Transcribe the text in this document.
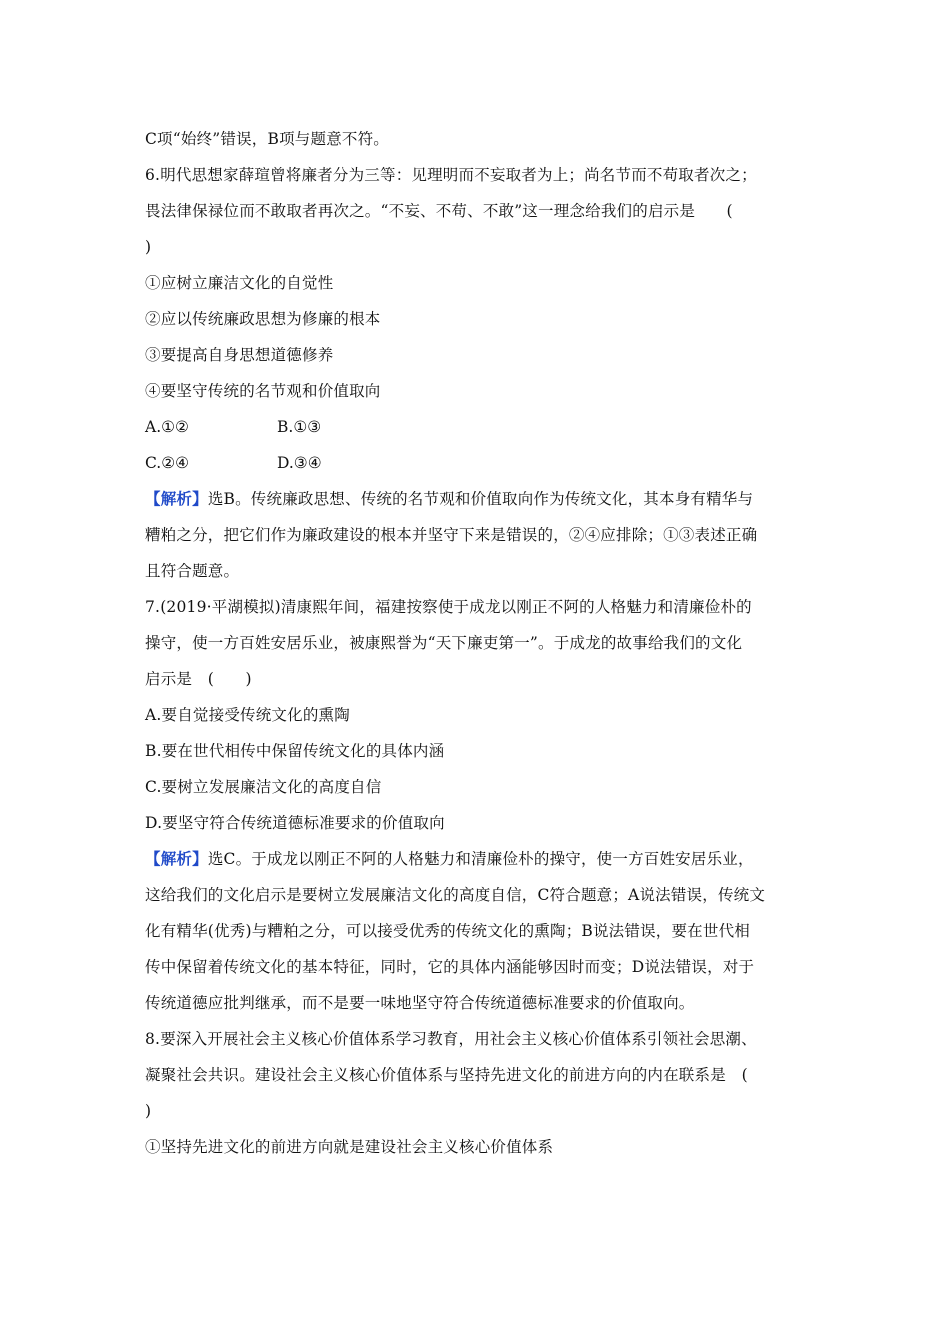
C项“始终”错误，B项与题意不符。
6.明代思想家薛瑄曾将廉者分为三等：见理明而不妄取者为上；尚名节而不苟取者次之；
畏法律保禄位而不敢取者再次之。“不妄、不苟、不敢”这一理念给我们的启示是　　(
)
①应树立廉洁文化的自觉性
②应以传统廉政思想为修廉的根本
③要提高自身思想道德修养
④要坚守传统的名节观和价值取向
A.①②	B.①③
C.②④	D.③④
【解析】选B。传统廉政思想、传统的名节观和价值取向作为传统文化，其本身有精华与
糟粕之分，把它们作为廉政建设的根本并坚守下来是错误的，②④应排除；①③表述正确
且符合题意。
7.(2019·平湖模拟)清康熙年间，福建按察使于成龙以刚正不阿的人格魅力和清廉俭朴的
操守，使一方百姓安居乐业，被康熙誉为“天下廉吏第一”。于成龙的故事给我们的文化
启示是　(　　)
A.要自觉接受传统文化的熏陶
B.要在世代相传中保留传统文化的具体内涵
C.要树立发展廉洁文化的高度自信
D.要坚守符合传统道德标准要求的价值取向
【解析】选C。于成龙以刚正不阿的人格魅力和清廉俭朴的操守，使一方百姓安居乐业，
这给我们的文化启示是要树立发展廉洁文化的高度自信，C符合题意；A说法错误，传统文
化有精华(优秀)与糟粕之分，可以接受优秀的传统文化的熏陶；B说法错误，要在世代相
传中保留着传统文化的基本特征，同时，它的具体内涵能够因时而变；D说法错误，对于
传统道德应批判继承，而不是要一味地坚守符合传统道德标准要求的价值取向。
8.要深入开展社会主义核心价值体系学习教育，用社会主义核心价值体系引领社会思潮、
凝聚社会共识。建设社会主义核心价值体系与坚持先进文化的前进方向的内在联系是　(
)
①坚持先进文化的前进方向就是建设社会主义核心价值体系
